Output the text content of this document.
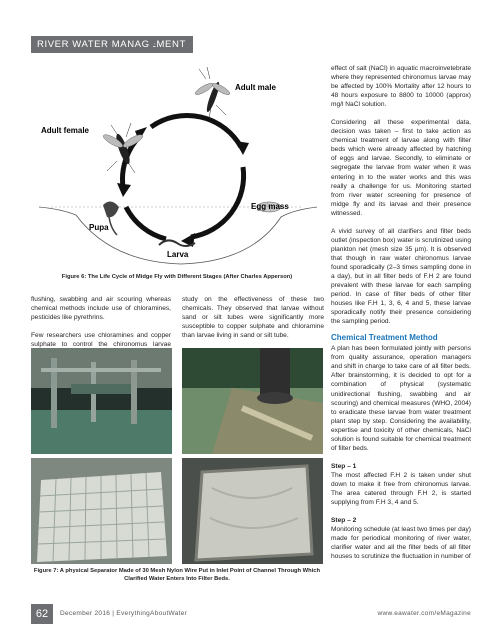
RIVER WATER MANAGEMENT
Adult male
Adult female
Egg mass
Pupa
Larva
Figure 6: The Life Cycle of Midge Fly with Different Stages (After Charles Apperson)

flushing, swabbing and air scouring whereas chemical methods include use of chloramines, pesticides like pyrethrins.

Few researchers use chloramines and copper sulphate to control the chironomus larvae

study on the effectiveness of these two chemicals. They observed that larvae without sand or silt tubes were significantly more susceptible to copper sulphate and chloramine than larvae living in sand or silt tube.

Figure 7: A physical Separator Made of 30 Mesh Nylon Wire Put in Inlet Point of Channel Through Which
Clarified Water Enters Into Filter Beds.

effect of salt (NaCl) in aquatic macroinvetebrate where they represented chironomus larvae may be affected by 100% Mortality after 12 hours to 48 hours exposure to 8800 to 10000 (approx) mg/l NaCl solution.

Considering all these experimental data, decision was taken – first to take action as chemical treatment of larvae along with filter beds which were already affected by hatching of eggs and larvae. Secondly, to eliminate or segregate the larvae from water when it was entering in to the water works and this was really a challenge for us. Monitoring started from river water screening for presence of midge fly and its larvae and their presence witnessed.

A vivid survey of all clarifiers and filter beds outlet (inspection box) water is scrutinized using plankton net (mesh size 35 µm). It is observed that though in raw water chironomus larvae found sporadically (2–3 times sampling done in a day), but in all filter beds of F.H 2 are found prevalent with these larvae for each sampling period. In case of filter beds of other filter houses like F.H 1, 3, 6, 4 and 5, these larvae sporadically notify their presence considering the sampling period.

Chemical Treatment Method

A plan has been formulated jointly with persons from quality assurance, operation managers and shift in charge to take care of all filter beds. After brainstorming, it is decided to opt for a combination of physical (systematic unidirectional flushing, swabbing and air scouring) and chemical measures (WHO, 2004) to eradicate these larvae from water treatment plant step by step. Considering the availability, expertise and toxicity of other chemicals, NaCl solution is found suitable for chemical treatment of filter beds.

Step – 1

The most affected F.H 2 is taken under shut down to make it free from chironomus larvae. The area catered through F.H 2, is started supplying from F.H 3, 4 and 5.

Step – 2

Monitoring schedule (at least two times per day) made for periodical monitoring of river water, clarifier water and all the filter beds of all filter houses to scrutinize the fluctuation in number of

62	December 2016 | EverythingAboutWater	www.eawater.com/eMagazine
